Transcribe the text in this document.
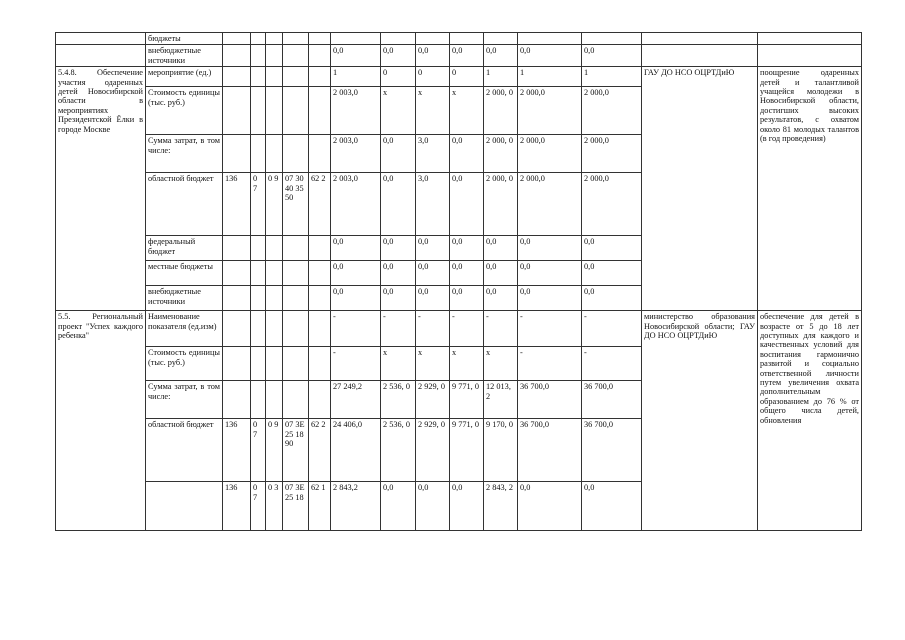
	бюджеты														
	внебюджетные источники						0,0	0,0	0,0	0,0	0,0	0,0	0,0		
5.4.8. Обеспечение участия одаренных детей Новосибирской области в мероприятиях Президентской Ёлки в городе Москве	мероприятие (ед.)						1	0	0	0	1	1	1	ГАУ ДО НСО ОЦРТДиЮ	поощрение одаренных детей и талантливой учащейся молодежи в Новосибирской области, достигших высоких результатов, с охватом около 81 молодых талантов (в год проведения)
	Стоимость единицы (тыс. руб.)						2 003,0	x	x	x	2 000, 0	2 000,0	2 000,0		
	Сумма затрат, в том числе:						2 003,0	0,0	3,0	0,0	2 000, 0	2 000,0	2 000,0		
	областной бюджет	136	0 7	0 9	07 30 40 35 50	62 2	2 003,0	0,0	3,0	0,0	2 000, 0	2 000,0	2 000,0		
	федеральный бюджет						0,0	0,0	0,0	0,0	0,0	0,0	0,0		
	местные бюджеты						0,0	0,0	0,0	0,0	0,0	0,0	0,0		
	внебюджетные источники						0,0	0,0	0,0	0,0	0,0	0,0	0,0		
5.5. Региональный проект "Успех каждого ребенка"	Наименование показателя (ед.изм)						-	-	-	-	-	-	-	министерство образования Новосибирской области; ГАУ ДО НСО ОЦРТДиЮ	обеспечение для детей в возрасте от 5 до 18 лет доступных для каждого и качественных условий для воспитания гармонично развитой и социально ответственной личности путем увеличения охвата дополнительным образованием до 76 % от общего числа детей, обновления
	Стоимость единицы (тыс. руб.)						-	x	x	x	x	-	-		
	Сумма затрат, в том числе:						27 249,2	2 536, 0	2 929, 0	9 771, 0	12 013, 2	36 700,0	36 700,0		
	областной бюджет	136	0 7	0 9	07 3E 25 18 90	62 2	24 406,0	2 536, 0	2 929, 0	9 771, 0	9 170, 0	36 700,0	36 700,0		
		136	0 7	0 3	07 3E 25 18	62 1	2 843,2	0,0	0,0	0,0	2 843, 2	0,0	0,0		
